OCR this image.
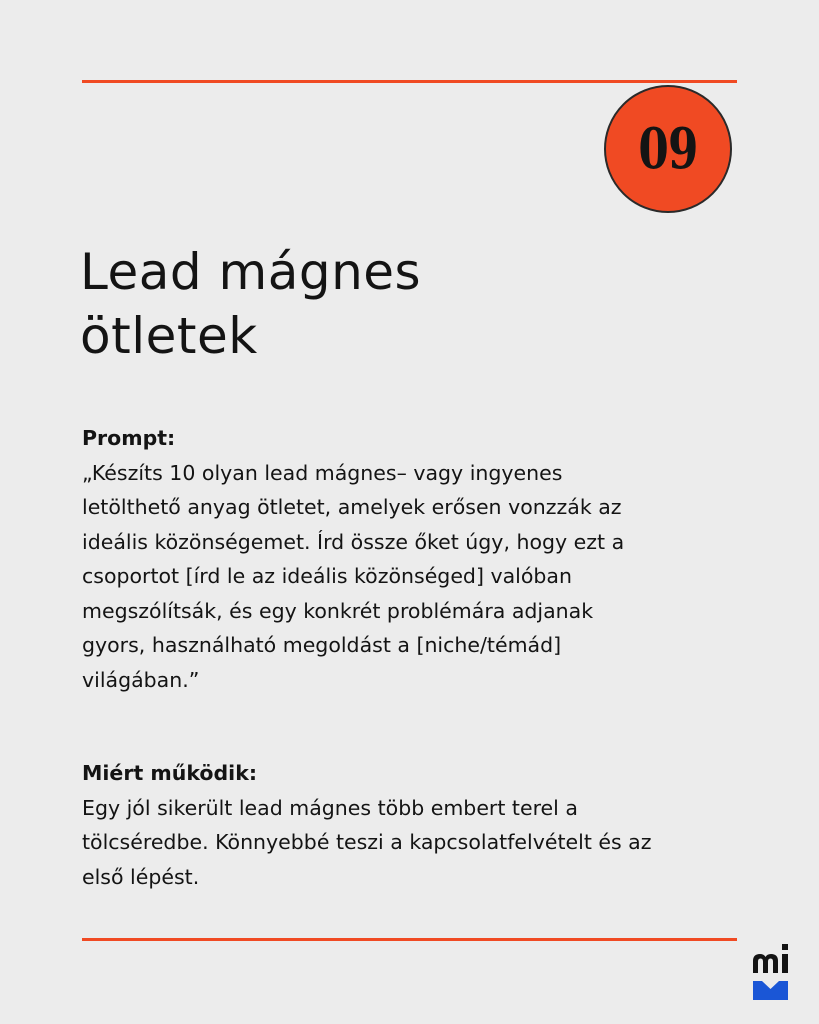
09
Lead mágnes
ötletek
Prompt:
„Készíts 10 olyan lead mágnes– vagy ingyenes
letölthető anyag ötletet, amelyek erősen vonzzák az
ideális közönségemet. Írd össze őket úgy, hogy ezt a
csoportot [írd le az ideális közönséged] valóban
megszólítsák, és egy konkrét problémára adjanak
gyors, használható megoldást a [niche/témád]
világában.”
Miért működik:
Egy jól sikerült lead mágnes több embert terel a
tölcséredbe. Könnyebbé teszi a kapcsolatfelvételt és az
első lépést.
